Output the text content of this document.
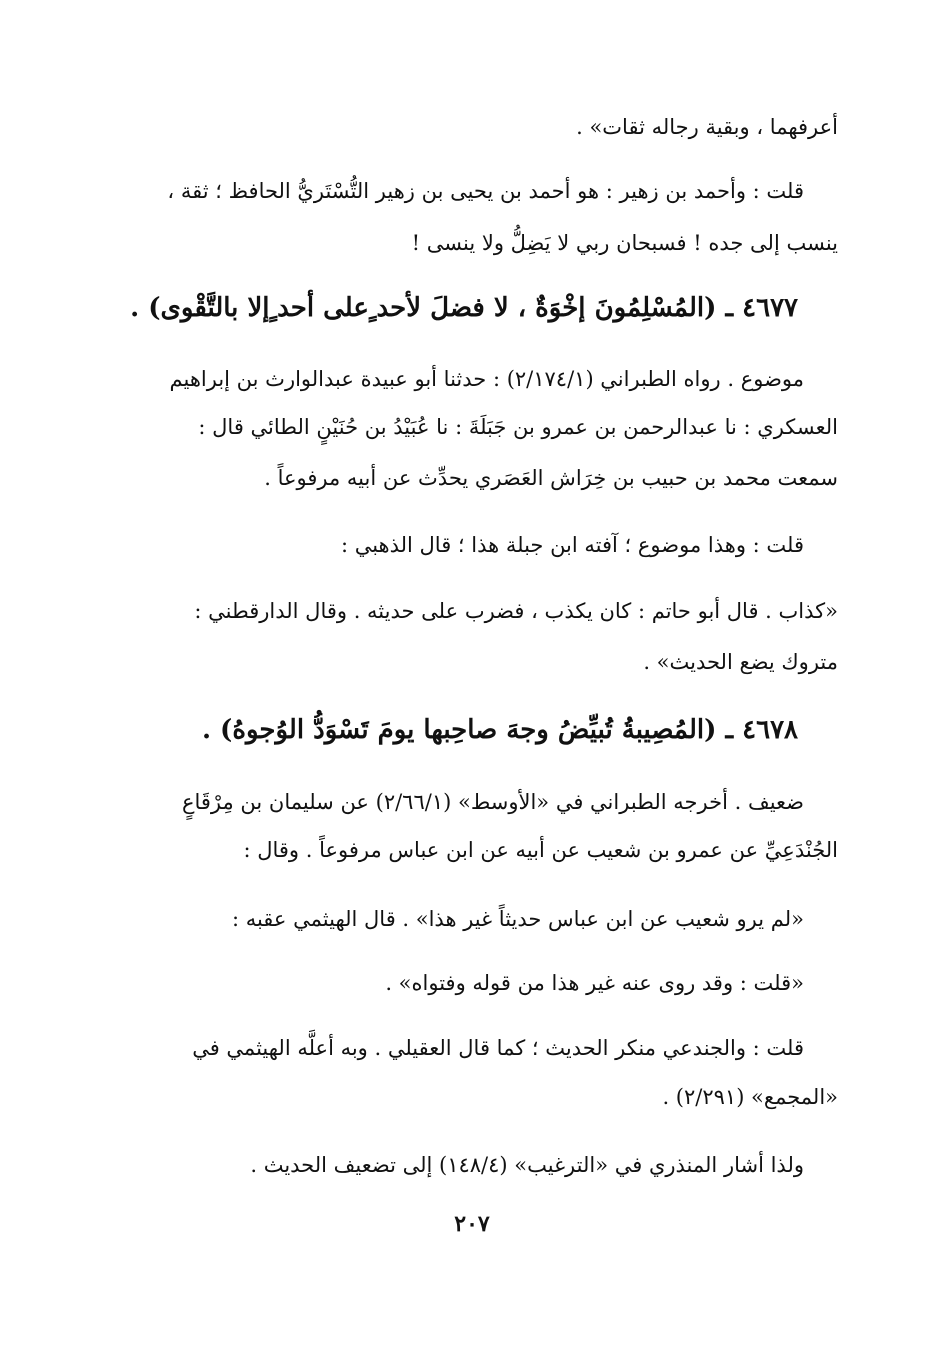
أعرفهما ، وبقية رجاله ثقات» .
قلت : وأحمد بن زهير : هو أحمد بن يحيى بن زهير التُّسْتَريُّ الحافظ ؛ ثقة ،
ينسب إلى جده ! فسبحان ربي لا يَضِلُّ ولا ينسى !
٤٦٧٧ ـ (المُسْلِمُونَ إخْوَةٌ ، لا فضلَ لأحد ٍعلى أحد ٍإلا بالتَّقْوى) .
موضوع . رواه الطبراني (٢/١٧٤/١) : حدثنا أبو عبيدة عبدالوارث بن إبراهيم
العسكري : نا عبدالرحمن بن عمرو بن جَبَلَةَ : نا عُبَيْدُ بن حُنَيْنٍ الطائي قال :
سمعت محمد بن حبيب بن خِرَاش العَصَري يحدِّث عن أبيه مرفوعاً .
قلت : وهذا موضوع ؛ آفته ابن جبلة هذا ؛ قال الذهبي :
«كذاب . قال أبو حاتم : كان يكذب ، فضرب على حديثه . وقال الدارقطني :
متروك يضع الحديث» .
٤٦٧٨ ـ (المُصِيبةُ تُبيِّضُ وجهَ صاحِبها يومَ تَسْوَدُّ الوُجوهُ) .
ضعيف . أخرجه الطبراني في «الأوسط» (٢/٦٦/١) عن سليمان بن مِرْقَاعٍ
الجُنْدَعِيِّ عن عمرو بن شعيب عن أبيه عن ابن عباس مرفوعاً . وقال :
«لم يرو شعيب عن ابن عباس حديثاً غير هذا» . قال الهيثمي عقبه :
«قلت : وقد روى عنه غير هذا من قوله وفتواه» .
قلت : والجندعي منكر الحديث ؛ كما قال العقيلي . وبه أعلَّه الهيثمي في
«المجمع» (٢/٢٩١) .
ولذا أشار المنذري في «الترغيب» (١٤٨/٤) إلى تضعيف الحديث .
٢٠٧
